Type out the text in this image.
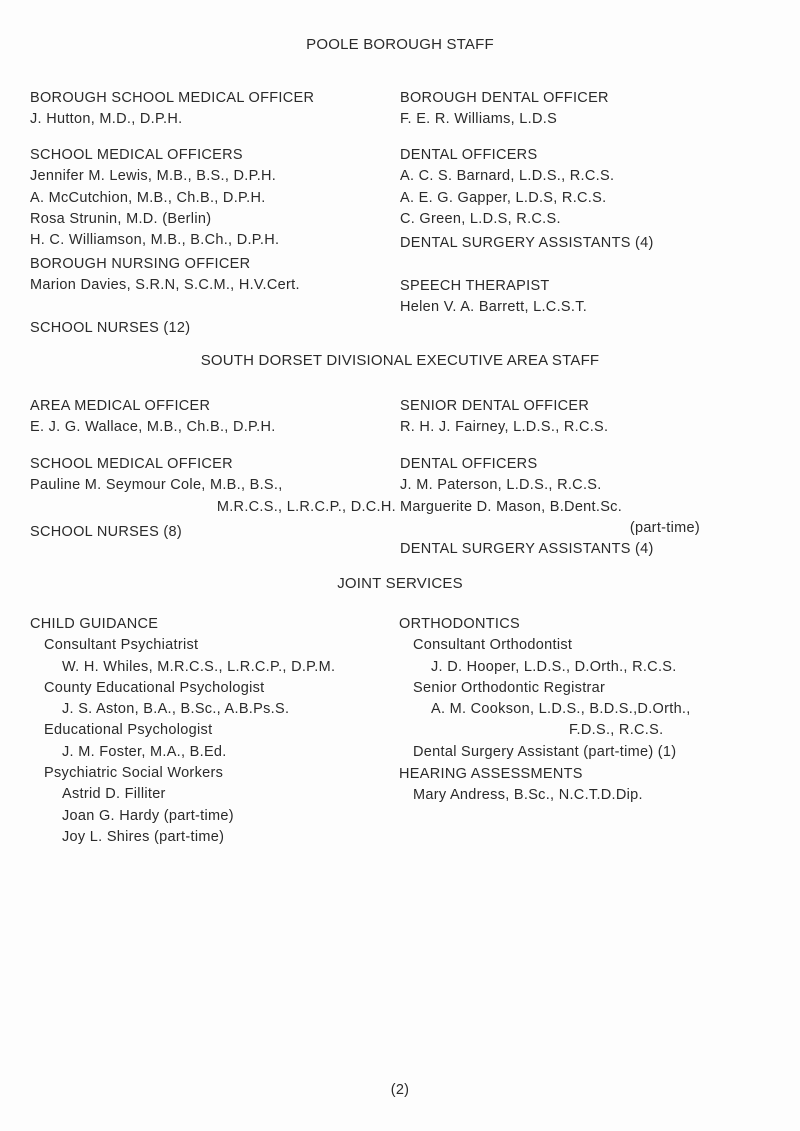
POOLE BOROUGH STAFF
BOROUGH SCHOOL MEDICAL OFFICER
J. Hutton, M.D., D.P.H.
SCHOOL MEDICAL OFFICERS
Jennifer M. Lewis, M.B., B.S., D.P.H.
A. McCutchion, M.B., Ch.B., D.P.H.
Rosa Strunin, M.D. (Berlin)
H. C. Williamson, M.B., B.Ch., D.P.H.
BOROUGH NURSING OFFICER
Marion Davies, S.R.N, S.C.M., H.V.Cert.
SCHOOL NURSES (12)
BOROUGH DENTAL OFFICER
F. E. R. Williams, L.D.S
DENTAL OFFICERS
A. C. S. Barnard, L.D.S., R.C.S.
A. E. G. Gapper, L.D.S, R.C.S.
C. Green, L.D.S, R.C.S.
DENTAL SURGERY ASSISTANTS (4)
SPEECH THERAPIST
Helen V. A. Barrett, L.C.S.T.
SOUTH DORSET DIVISIONAL EXECUTIVE AREA STAFF
AREA MEDICAL OFFICER
E. J. G. Wallace, M.B., Ch.B., D.P.H.
SCHOOL MEDICAL OFFICER
Pauline M. Seymour Cole, M.B., B.S.,
M.R.C.S., L.R.C.P., D.C.H.
SCHOOL NURSES (8)
SENIOR DENTAL OFFICER
R. H. J. Fairney, L.D.S., R.C.S.
DENTAL OFFICERS
J. M. Paterson, L.D.S., R.C.S.
Marguerite D. Mason, B.Dent.Sc.
(part-time)
DENTAL SURGERY ASSISTANTS (4)
JOINT SERVICES
CHILD GUIDANCE
Consultant Psychiatrist
W. H. Whiles, M.R.C.S., L.R.C.P., D.P.M.
County Educational Psychologist
J. S. Aston, B.A., B.Sc., A.B.Ps.S.
Educational Psychologist
J. M. Foster, M.A., B.Ed.
Psychiatric Social Workers
Astrid D. Filliter
Joan G. Hardy (part-time)
Joy L. Shires (part-time)
ORTHODONTICS
Consultant Orthodontist
J. D. Hooper, L.D.S., D.Orth., R.C.S.
Senior Orthodontic Registrar
A. M. Cookson, L.D.S., B.D.S.,D.Orth.,
F.D.S., R.C.S.
Dental Surgery Assistant (part-time) (1)
HEARING ASSESSMENTS
Mary Andress, B.Sc., N.C.T.D.Dip.
(2)
